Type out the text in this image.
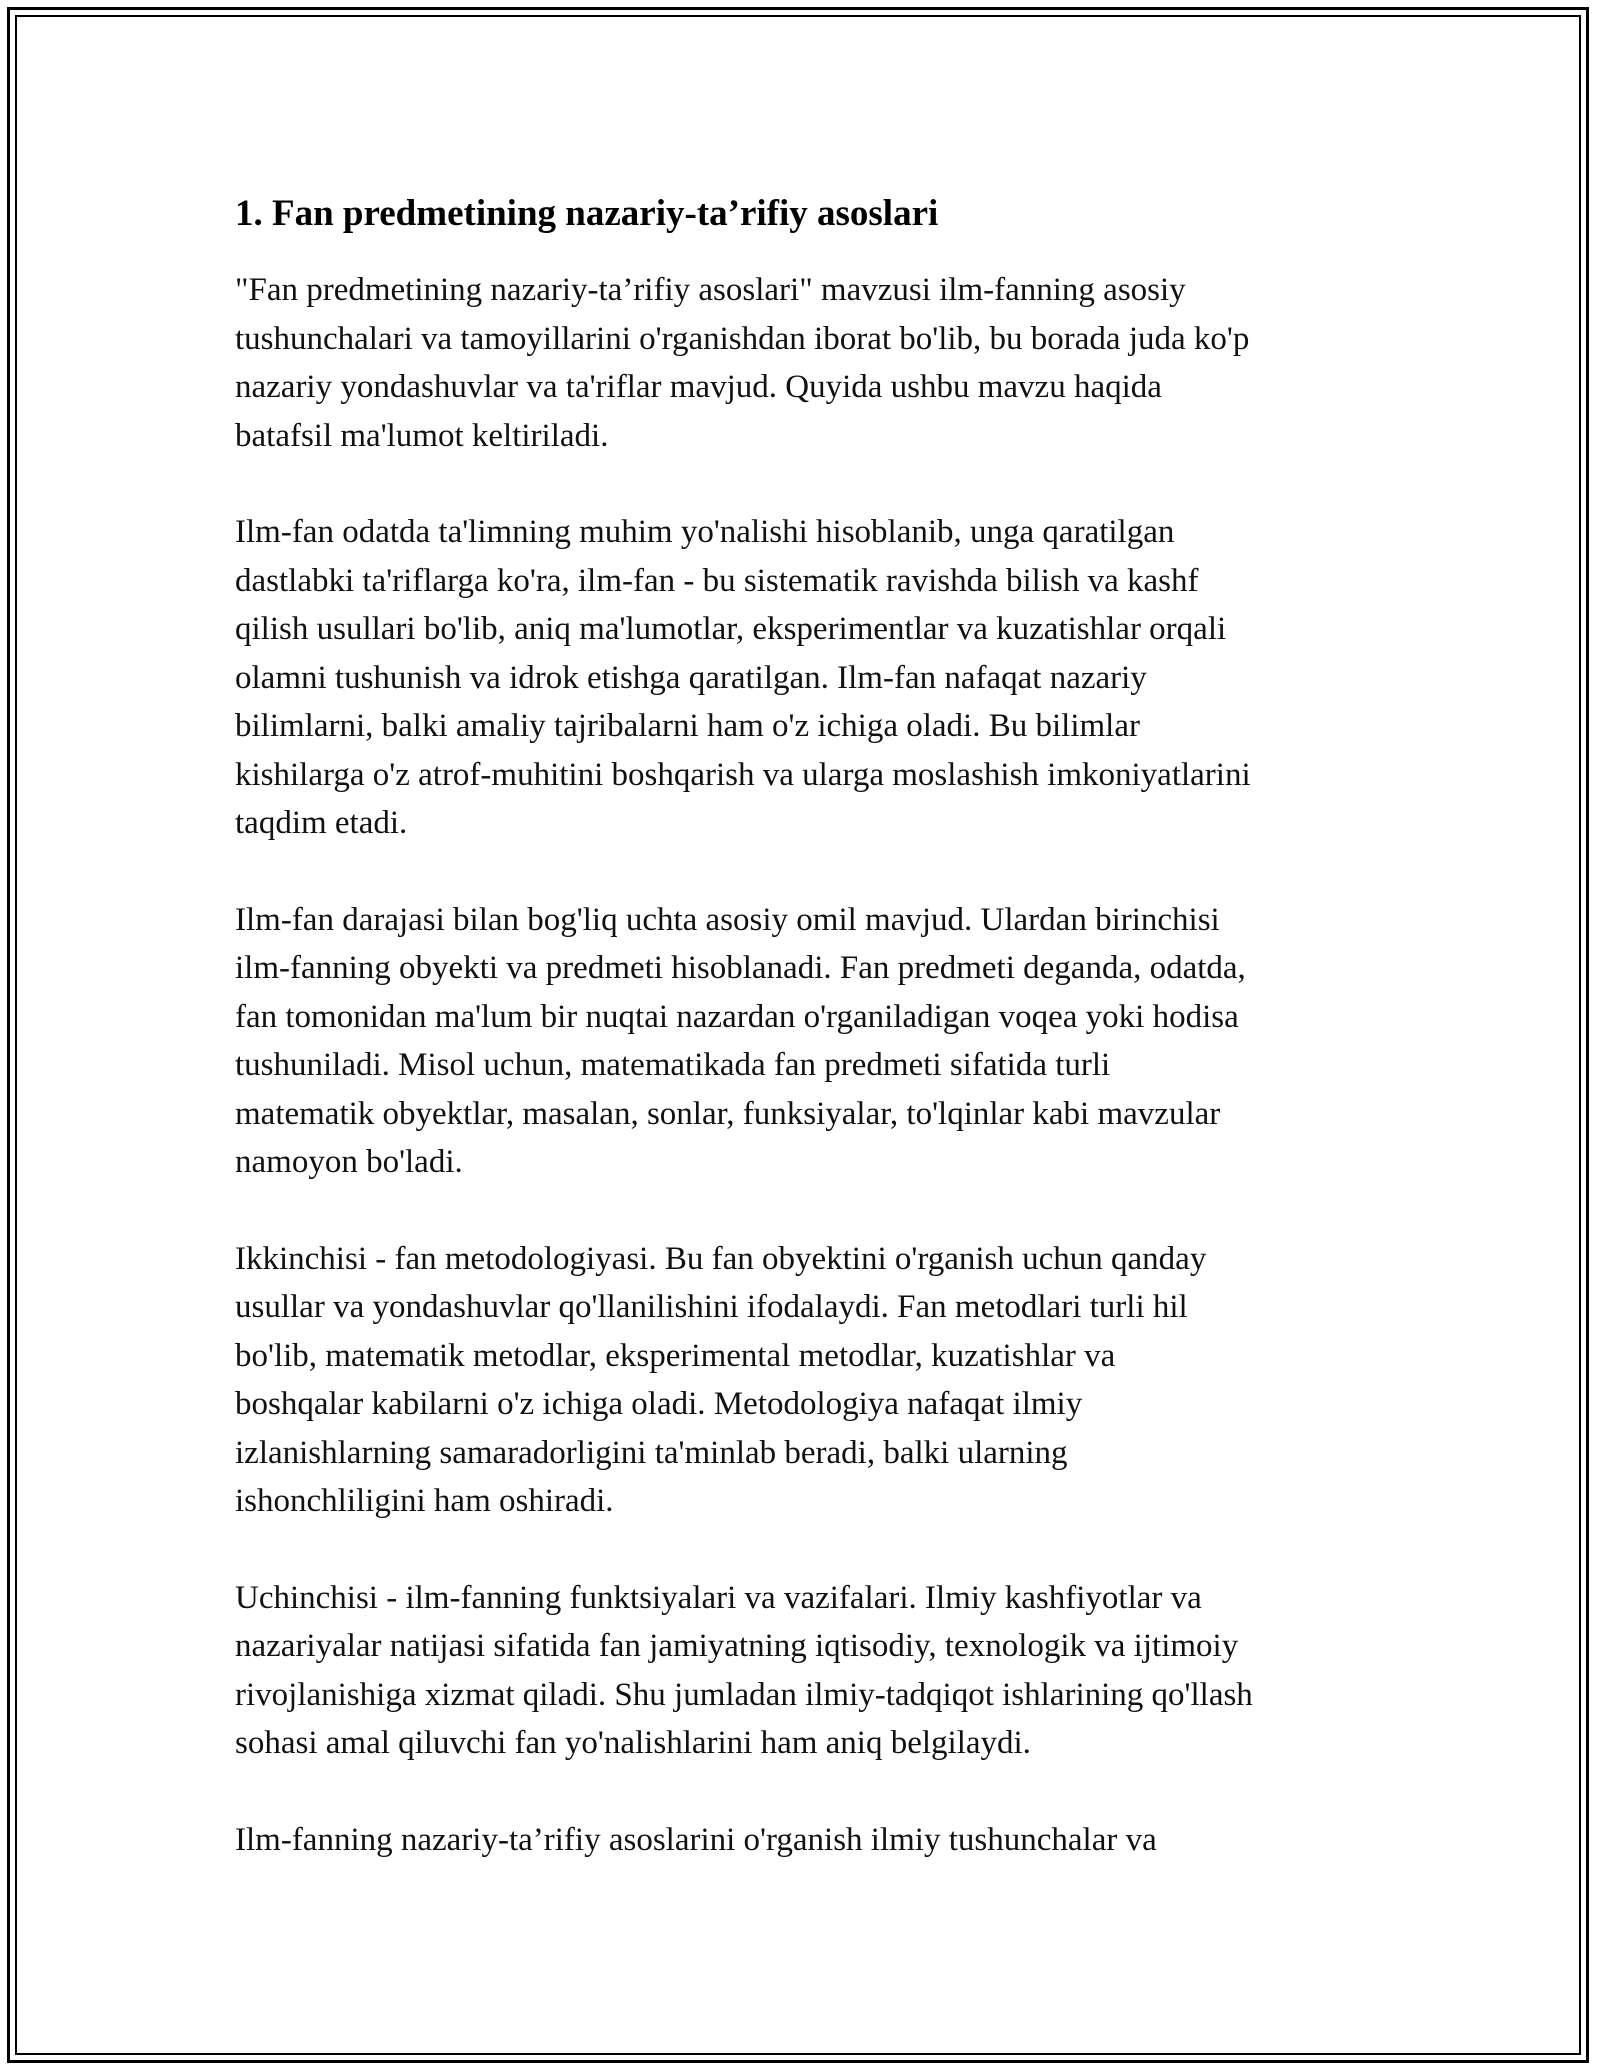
1. Fan predmetining nazariy-ta’rifiy asoslari

"Fan predmetining nazariy-ta’rifiy asoslari" mavzusi ilm-fanning asosiy
tushunchalari va tamoyillarini o'rganishdan iborat bo'lib, bu borada juda ko'p
nazariy yondashuvlar va ta'riflar mavjud. Quyida ushbu mavzu haqida
batafsil ma'lumot keltiriladi.

Ilm-fan odatda ta'limning muhim yo'nalishi hisoblanib, unga qaratilgan
dastlabki ta'riflarga ko'ra, ilm-fan - bu sistematik ravishda bilish va kashf
qilish usullari bo'lib, aniq ma'lumotlar, eksperimentlar va kuzatishlar orqali
olamni tushunish va idrok etishga qaratilgan. Ilm-fan nafaqat nazariy
bilimlarni, balki amaliy tajribalarni ham o'z ichiga oladi. Bu bilimlar
kishilarga o'z atrof-muhitini boshqarish va ularga moslashish imkoniyatlarini
taqdim etadi.

Ilm-fan darajasi bilan bog'liq uchta asosiy omil mavjud. Ulardan birinchisi
ilm-fanning obyekti va predmeti hisoblanadi. Fan predmeti deganda, odatda,
fan tomonidan ma'lum bir nuqtai nazardan o'rganiladigan voqea yoki hodisa
tushuniladi. Misol uchun, matematikada fan predmeti sifatida turli
matematik obyektlar, masalan, sonlar, funksiyalar, to'lqinlar kabi mavzular
namoyon bo'ladi.

Ikkinchisi - fan metodologiyasi. Bu fan obyektini o'rganish uchun qanday
usullar va yondashuvlar qo'llanilishini ifodalaydi. Fan metodlari turli hil
bo'lib, matematik metodlar, eksperimental metodlar, kuzatishlar va
boshqalar kabilarni o'z ichiga oladi. Metodologiya nafaqat ilmiy
izlanishlarning samaradorligini ta'minlab beradi, balki ularning
ishonchliligini ham oshiradi.

Uchinchisi - ilm-fanning funktsiyalari va vazifalari. Ilmiy kashfiyotlar va
nazariyalar natijasi sifatida fan jamiyatning iqtisodiy, texnologik va ijtimoiy
rivojlanishiga xizmat qiladi. Shu jumladan ilmiy-tadqiqot ishlarining qo'llash
sohasi amal qiluvchi fan yo'nalishlarini ham aniq belgilaydi.

Ilm-fanning nazariy-ta’rifiy asoslarini o'rganish ilmiy tushunchalar va
